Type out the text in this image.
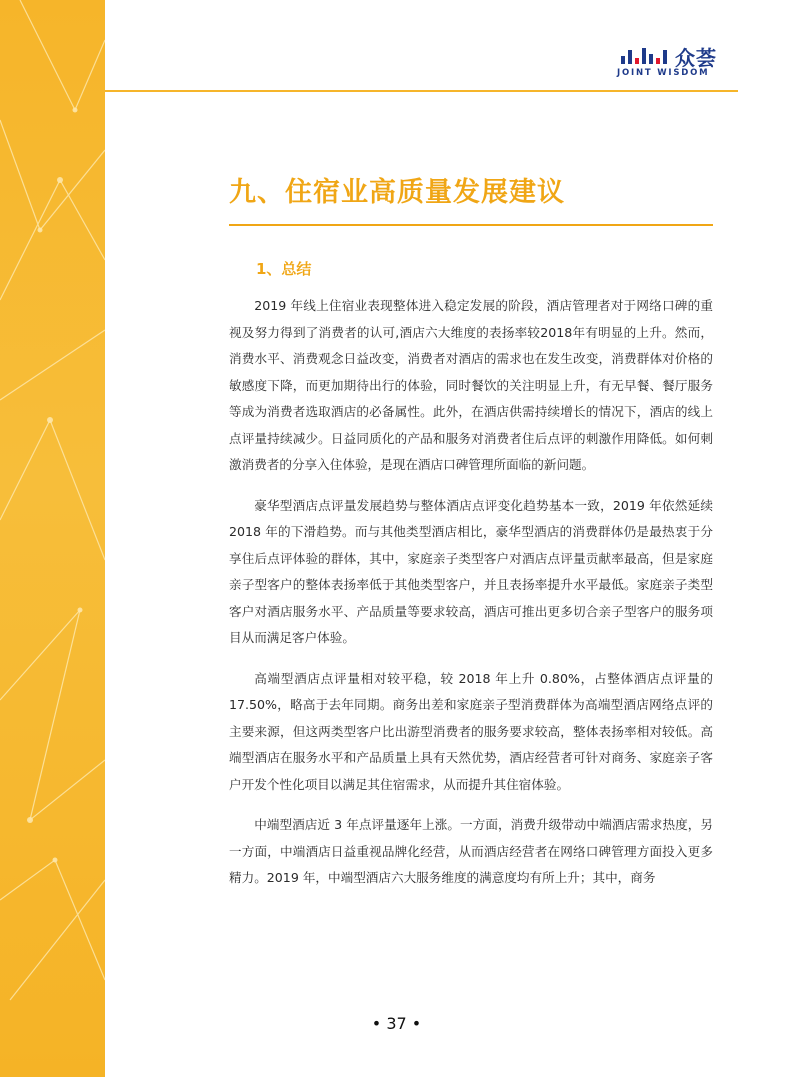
众荟
JOINT WISDOM
九、住宿业高质量发展建议
1、总结

2019 年线上住宿业表现整体进入稳定发展的阶段，酒店管理者对于网络口碑的重视及努力得到了消费者的认可,酒店六大维度的表扬率较2018年有明显的上升。然而，消费水平、消费观念日益改变，消费者对酒店的需求也在发生改变，消费群体对价格的敏感度下降，而更加期待出行的体验，同时餐饮的关注明显上升，有无早餐、餐厅服务等成为消费者选取酒店的必备属性。此外，在酒店供需持续增长的情况下，酒店的线上点评量持续减少。日益同质化的产品和服务对消费者住后点评的刺激作用降低。如何刺激消费者的分享入住体验，是现在酒店口碑管理所面临的新问题。

豪华型酒店点评量发展趋势与整体酒店点评变化趋势基本一致，2019 年依然延续 2018 年的下滑趋势。而与其他类型酒店相比，豪华型酒店的消费群体仍是最热衷于分享住后点评体验的群体，其中，家庭亲子类型客户对酒店点评量贡献率最高，但是家庭亲子型客户的整体表扬率低于其他类型客户，并且表扬率提升水平最低。家庭亲子类型客户对酒店服务水平、产品质量等要求较高，酒店可推出更多切合亲子型客户的服务项目从而满足客户体验。

高端型酒店点评量相对较平稳，较 2018 年上升 0.80%，占整体酒店点评量的17.50%，略高于去年同期。商务出差和家庭亲子型消费群体为高端型酒店网络点评的主要来源，但这两类型客户比出游型消费者的服务要求较高，整体表扬率相对较低。高端型酒店在服务水平和产品质量上具有天然优势，酒店经营者可针对商务、家庭亲子客户开发个性化项目以满足其住宿需求，从而提升其住宿体验。

中端型酒店近 3 年点评量逐年上涨。一方面，消费升级带动中端酒店需求热度，另一方面，中端酒店日益重视品牌化经营，从而酒店经营者在网络口碑管理方面投入更多精力。2019 年，中端型酒店六大服务维度的满意度均有所上升；其中，商务

• 37 •
